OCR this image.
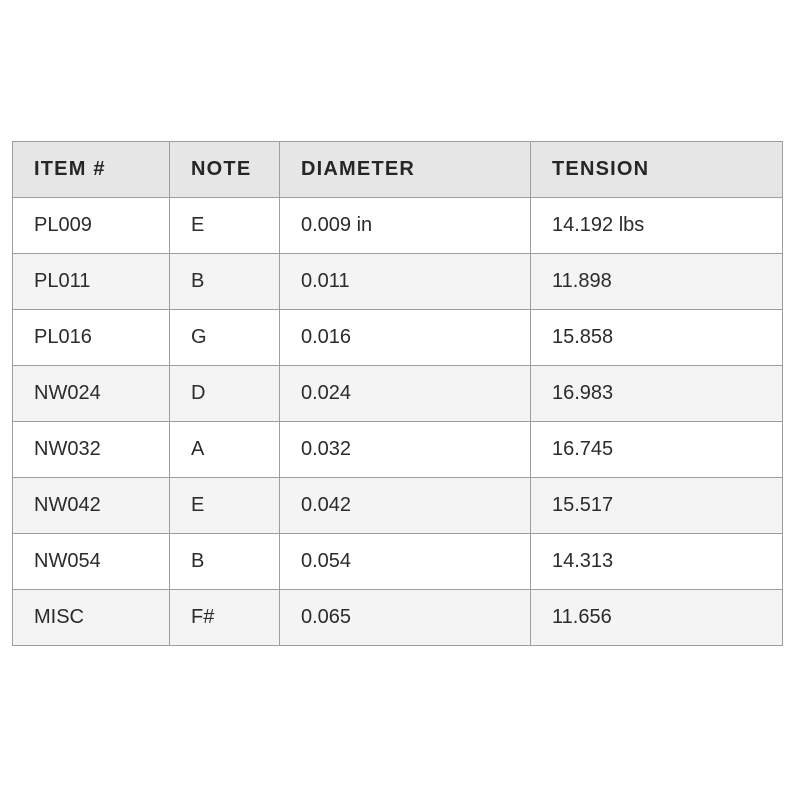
ITEM #	NOTE	DIAMETER	TENSION
PL009	E	0.009 in	14.192 lbs
PL011	B	0.011	11.898
PL016	G	0.016	15.858
NW024	D	0.024	16.983
NW032	A	0.032	16.745
NW042	E	0.042	15.517
NW054	B	0.054	14.313
MISC	F#	0.065	11.656
